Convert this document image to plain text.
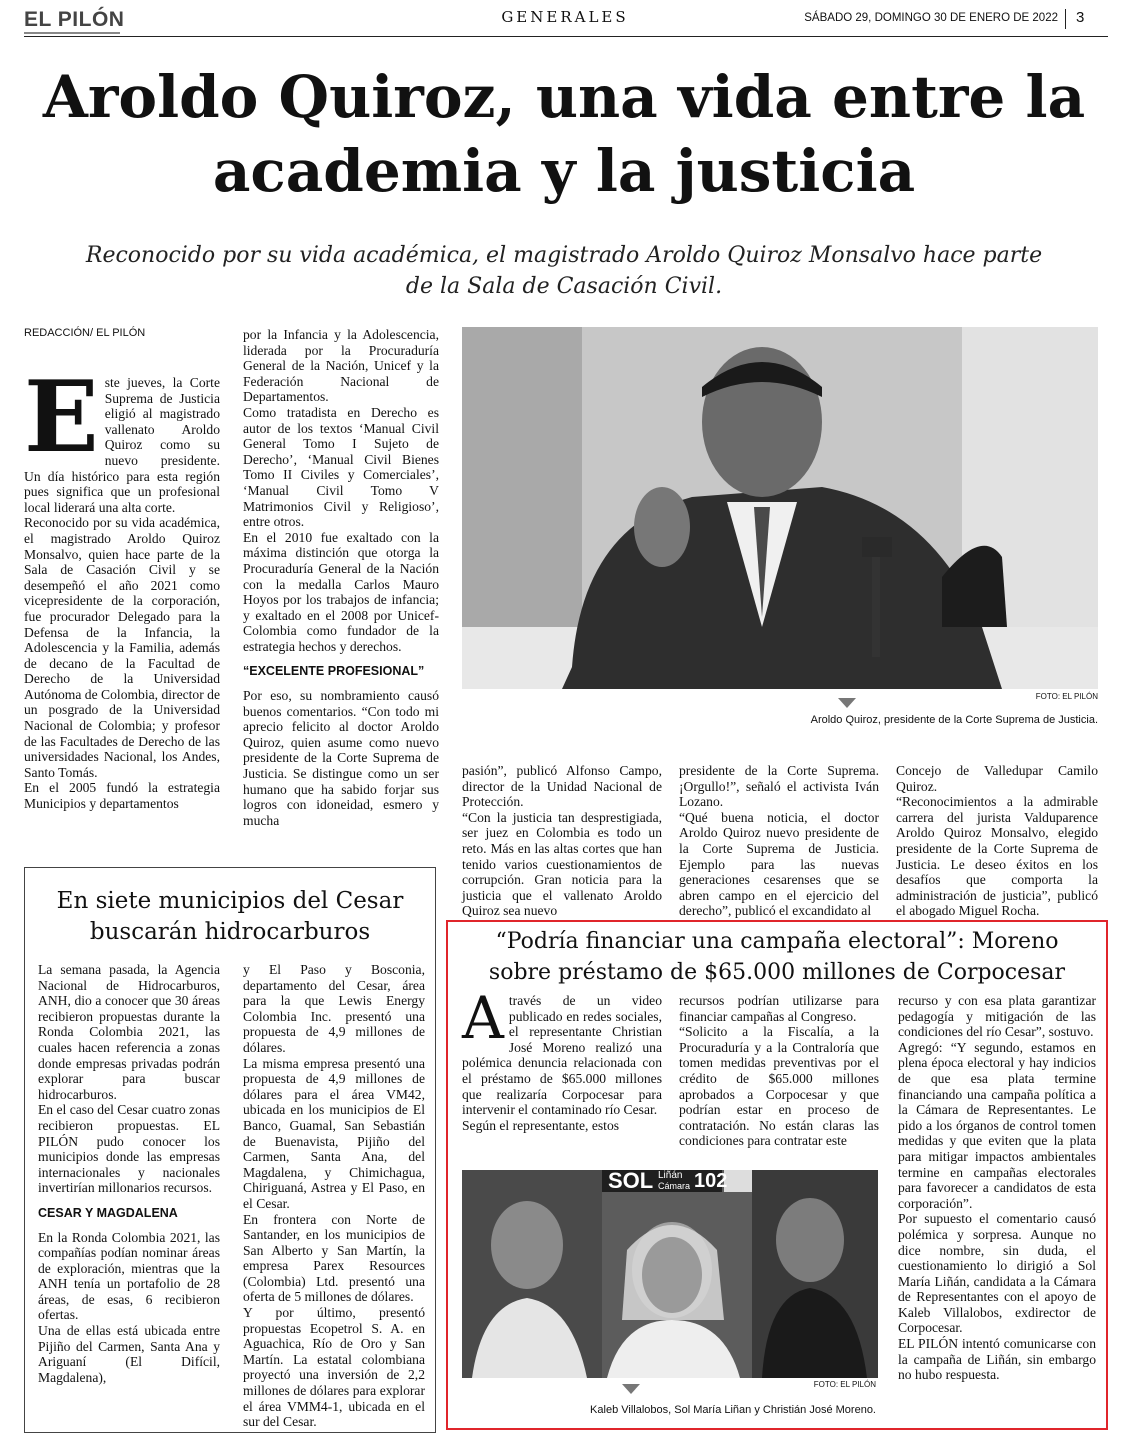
EL PILÓN	GENERALES	SÁBADO 29, DOMINGO 30 DE ENERO DE 2022 3
Aroldo Quiroz, una vida entre la
academia y la justicia
Reconocido por su vida académica, el magistrado Aroldo Quiroz Monsalvo hace parte
de la Sala de Casación Civil.
REDACCIÓN/ EL PILÓN
E ste jueves, la Corte Suprema de Justicia eligió al magistrado vallenato Aroldo Quiroz como su nuevo presidente. Un día histórico para esta región pues significa que un profesional local liderará una alta corte.

Reconocido por su vida académica, el magistrado Aroldo Quiroz Monsalvo, quien hace parte de la Sala de Casación Civil y se desempeñó el año 2021 como vicepresidente de la corporación, fue procurador Delegado para la Defensa de la Infancia, la Adolescencia y la Familia, además de decano de la Facultad de Derecho de la Universidad Autónoma de Colombia, director de un posgrado de la Universidad Nacional de Colombia; y profesor de las Facultades de Derecho de las universidades Nacional, los Andes, Santo Tomás.

En el 2005 fundó la estrategia Municipios y departamentos

por la Infancia y la Adolescencia, liderada por la Procuraduría General de la Nación, Unicef y la Federación Nacional de Departamentos.

Como tratadista en Derecho es autor de los textos ‘Manual Civil General Tomo I Sujeto de Derecho’, ‘Manual Civil Bienes Tomo II Civiles y Comerciales’, ‘Manual Civil Tomo V Matrimonios Civil y Religioso’, entre otros.

En el 2010 fue exaltado con la máxima distinción que otorga la Procuraduría General de la Nación con la medalla Carlos Mauro Hoyos por los trabajos de infancia; y exaltado en el 2008 por Unicef-Colombia como fundador de la estrategia hechos y derechos.

“EXCELENTE PROFESIONAL”

Por eso, su nombramiento causó buenos comentarios. “Con todo mi aprecio felicito al doctor Aroldo Quiroz, quien asume como nuevo presidente de la Corte Suprema de Justicia. Se distingue como un ser humano que ha sabido forjar sus logros con idoneidad, esmero y mucha

FOTO: EL PILÓN
Aroldo Quiroz, presidente de la Corte Suprema de Justicia.

pasión”, publicó Alfonso Campo, director de la Unidad Nacional de Protección.

“Con la justicia tan desprestigiada, ser juez en Colombia es todo un reto. Más en las altas cortes que han tenido varios cuestionamientos de corrupción. Gran noticia para la justicia que el vallenato Aroldo Quiroz sea nuevo

presidente de la Corte Suprema. ¡Orgullo!”, señaló el activista Iván Lozano.

“Qué buena noticia, el doctor Aroldo Quiroz nuevo presidente de la Corte Suprema de Justicia. Ejemplo para las nuevas generaciones cesarenses que se abren campo en el ejercicio del derecho”, publicó el excandidato al

Concejo de Valledupar Camilo Quiroz.

“Reconocimientos a la admirable carrera del jurista Valduparence Aroldo Quiroz Monsalvo, elegido presidente de la Corte Suprema de Justicia. Le deseo éxitos en los desafíos que comporta la administración de justicia”, publicó el abogado Miguel Rocha.

En siete municipios del Cesar
buscarán hidrocarburos

La semana pasada, la Agencia Nacional de Hidrocarburos, ANH, dio a conocer que 30 áreas recibieron propuestas durante la Ronda Colombia 2021, las cuales hacen referencia a zonas donde empresas privadas podrán explorar para buscar hidrocarburos.

En el caso del Cesar cuatro zonas recibieron propuestas. EL PILÓN pudo conocer los municipios donde las empresas internacionales y nacionales invertirían millonarios recursos.

CESAR Y MAGDALENA

En la Ronda Colombia 2021, las compañías podían nominar áreas de exploración, mientras que la ANH tenía un portafolio de 28 áreas, de esas, 6 recibieron ofertas.

Una de ellas está ubicada entre Pijiño del Carmen, Santa Ana y Ariguaní (El Difícil, Magdalena),

y El Paso y Bosconia, departamento del Cesar, área para la que Lewis Energy Colombia Inc. presentó una propuesta de 4,9 millones de dólares.

La misma empresa presentó una propuesta de 4,9 millones de dólares para el área VM42, ubicada en los municipios de El Banco, Guamal, San Sebastián de Buenavista, Pijiño del Carmen, Santa Ana, del Magdalena, y Chimichagua, Chiriguaná, Astrea y El Paso, en el Cesar.

En frontera con Norte de Santander, en los municipios de San Alberto y San Martín, la empresa Parex Resources (Colombia) Ltd. presentó una oferta de 5 millones de dólares.

Y por último, presentó propuestas Ecopetrol S. A. en Aguachica, Río de Oro y San Martín. La estatal colombiana proyectó una inversión de 2,2 millones de dólares para explorar el área VMM4-1, ubicada en el sur del Cesar.

“Podría financiar una campaña electoral”: Moreno
sobre préstamo de $65.000 millones de Corpocesar
A través de un video publicado en redes sociales, el representante Christian José Moreno realizó una polémica denuncia relacionada con el préstamo de $65.000 millones que realizaría Corpocesar para intervenir el contaminado río Cesar.

Según el representante, estos

recursos podrían utilizarse para financiar campañas al Congreso.

“Solicito a la Fiscalía, a la Procuraduría y a la Contraloría que tomen medidas preventivas por el crédito de $65.000 millones aprobados a Corpocesar y que podrían estar en proceso de contratación. No están claras las condiciones para contratar este

recurso y con esa plata garantizar pedagogía y mitigación de las condiciones del río Cesar”, sostuvo.

Agregó: “Y segundo, estamos en plena época electoral y hay indicios de que esa plata termine financiando una campaña política a la Cámara de Representantes. Le pido a los órganos de control tomen medidas y que eviten que la plata para mitigar impactos ambientales termine en campañas electorales para favorecer a candidatos de esta corporación”.

Por supuesto el comentario causó polémica y sorpresa. Aunque no dice nombre, sin duda, el cuestionamiento lo dirigió a Sol María Liñán, candidata a la Cámara de Representantes con el apoyo de Kaleb Villalobos, exdirector de Corpocesar.

EL PILÓN intentó comunicarse con la campaña de Liñán, sin embargo no hubo respuesta.

SOL Liñán
Cámara 102
FOTO: EL PILÓN
Kaleb Villalobos, Sol María Liñan y Christián José Moreno.
